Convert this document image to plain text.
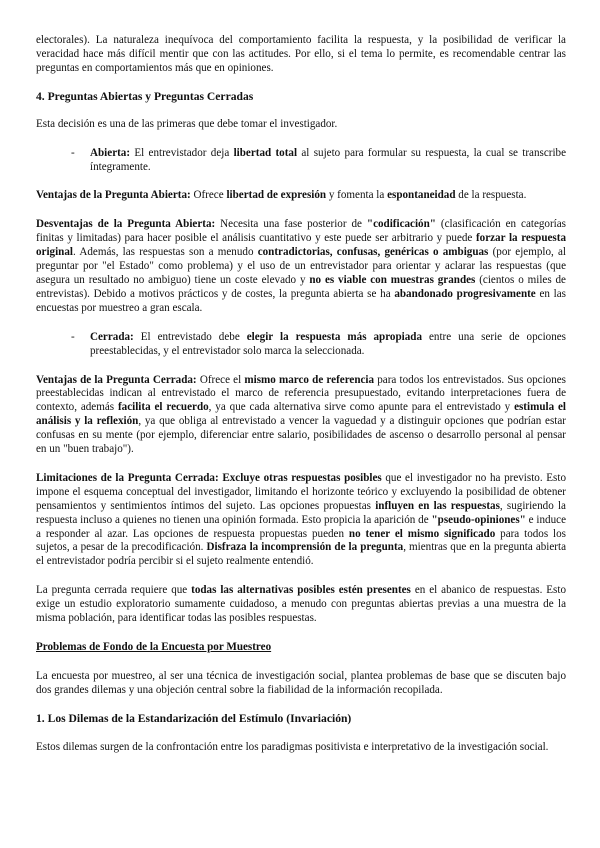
electorales). La naturaleza inequívoca del comportamiento facilita la respuesta, y la posibilidad de verificar la veracidad hace más difícil mentir que con las actitudes. Por ello, si el tema lo permite, es recomendable centrar las preguntas en comportamientos más que en opiniones.

4. Preguntas Abiertas y Preguntas Cerradas

Esta decisión es una de las primeras que debe tomar el investigador.

- Abierta: El entrevistador deja libertad total al sujeto para formular su respuesta, la cual se transcribe íntegramente.

Ventajas de la Pregunta Abierta: Ofrece libertad de expresión y fomenta la espontaneidad de la respuesta.

Desventajas de la Pregunta Abierta: Necesita una fase posterior de "codificación" (clasificación en categorías finitas y limitadas) para hacer posible el análisis cuantitativo y este puede ser arbitrario y puede forzar la respuesta original. Además, las respuestas son a menudo contradictorias, confusas, genéricas o ambiguas (por ejemplo, al preguntar por "el Estado" como problema) y el uso de un entrevistador para orientar y aclarar las respuestas (que asegura un resultado no ambiguo) tiene un coste elevado y no es viable con muestras grandes (cientos o miles de entrevistas). Debido a motivos prácticos y de costes, la pregunta abierta se ha abandonado progresivamente en las encuestas por muestreo a gran escala.

- Cerrada: El entrevistado debe elegir la respuesta más apropiada entre una serie de opciones preestablecidas, y el entrevistador solo marca la seleccionada.

Ventajas de la Pregunta Cerrada: Ofrece el mismo marco de referencia para todos los entrevistados. Sus opciones preestablecidas indican al entrevistado el marco de referencia presupuestado, evitando interpretaciones fuera de contexto, además facilita el recuerdo, ya que cada alternativa sirve como apunte para el entrevistado y estimula el análisis y la reflexión, ya que obliga al entrevistado a vencer la vaguedad y a distinguir opciones que podrían estar confusas en su mente (por ejemplo, diferenciar entre salario, posibilidades de ascenso o desarrollo personal al pensar en un "buen trabajo").

Limitaciones de la Pregunta Cerrada: Excluye otras respuestas posibles que el investigador no ha previsto. Esto impone el esquema conceptual del investigador, limitando el horizonte teórico y excluyendo la posibilidad de obtener pensamientos y sentimientos íntimos del sujeto. Las opciones propuestas influyen en las respuestas, sugiriendo la respuesta incluso a quienes no tienen una opinión formada. Esto propicia la aparición de "pseudo-opiniones" e induce a responder al azar. Las opciones de respuesta propuestas pueden no tener el mismo significado para todos los sujetos, a pesar de la precodificación. Disfraza la incomprensión de la pregunta, mientras que en la pregunta abierta el entrevistador podría percibir si el sujeto realmente entendió.

La pregunta cerrada requiere que todas las alternativas posibles estén presentes en el abanico de respuestas. Esto exige un estudio exploratorio sumamente cuidadoso, a menudo con preguntas abiertas previas a una muestra de la misma población, para identificar todas las posibles respuestas.

Problemas de Fondo de la Encuesta por Muestreo

La encuesta por muestreo, al ser una técnica de investigación social, plantea problemas de base que se discuten bajo dos grandes dilemas y una objeción central sobre la fiabilidad de la información recopilada.

1. Los Dilemas de la Estandarización del Estímulo (Invariación)

Estos dilemas surgen de la confrontación entre los paradigmas positivista e interpretativo de la investigación social.
